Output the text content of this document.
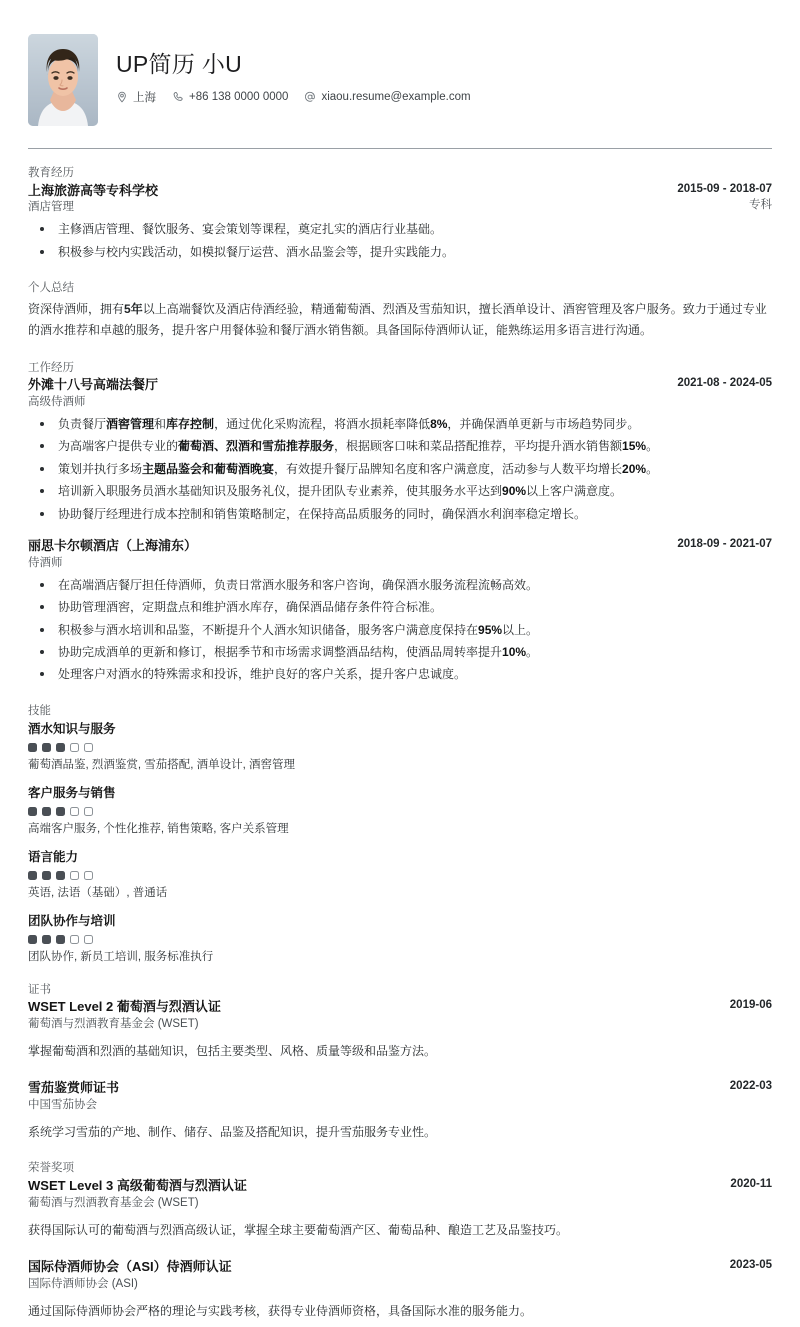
UP简历 小U
上海	+86 138 0000 0000	xiaou.resume@example.com
教育经历
上海旅游高等专科学校
酒店管理
2015-09 - 2018-07
专科
主修酒店管理、餐饮服务、宴会策划等课程，奠定扎实的酒店行业基础。
积极参与校内实践活动，如模拟餐厅运营、酒水品鉴会等，提升实践能力。
个人总结
资深侍酒师，拥有5年以上高端餐饮及酒店侍酒经验，精通葡萄酒、烈酒及雪茄知识，擅长酒单设计、酒窖管理及客户服务。致力于通过专业的酒水推荐和卓越的服务，提升客户用餐体验和餐厅酒水销售额。具备国际侍酒师认证，能熟练运用多语言进行沟通。
工作经历
外滩十八号高端法餐厅
高级侍酒师
2021-08 - 2024-05
负责餐厅酒窖管理和库存控制，通过优化采购流程，将酒水损耗率降低8%，并确保酒单更新与市场趋势同步。
为高端客户提供专业的葡萄酒、烈酒和雪茄推荐服务，根据顾客口味和菜品搭配推荐，平均提升酒水销售额15%。
策划并执行多场主题品鉴会和葡萄酒晚宴，有效提升餐厅品牌知名度和客户满意度，活动参与人数平均增长20%。
培训新入职服务员酒水基础知识及服务礼仪，提升团队专业素养，使其服务水平达到90%以上客户满意度。
协助餐厅经理进行成本控制和销售策略制定，在保持高品质服务的同时，确保酒水利润率稳定增长。
丽思卡尔顿酒店（上海浦东）
侍酒师
2018-09 - 2021-07
在高端酒店餐厅担任侍酒师，负责日常酒水服务和客户咨询，确保酒水服务流程流畅高效。
协助管理酒窖，定期盘点和维护酒水库存，确保酒品储存条件符合标准。
积极参与酒水培训和品鉴，不断提升个人酒水知识储备，服务客户满意度保持在95%以上。
协助完成酒单的更新和修订，根据季节和市场需求调整酒品结构，使酒品周转率提升10%。
处理客户对酒水的特殊需求和投诉，维护良好的客户关系，提升客户忠诚度。
技能
酒水知识与服务
葡萄酒品鉴, 烈酒鉴赏, 雪茄搭配, 酒单设计, 酒窖管理
客户服务与销售
高端客户服务, 个性化推荐, 销售策略, 客户关系管理
语言能力
英语, 法语（基础）, 普通话
团队协作与培训
团队协作, 新员工培训, 服务标准执行
证书
WSET Level 2 葡萄酒与烈酒认证
葡萄酒与烈酒教育基金会 (WSET)
2019-06
掌握葡萄酒和烈酒的基础知识，包括主要类型、风格、质量等级和品鉴方法。
雪茄鉴赏师证书
中国雪茄协会
2022-03
系统学习雪茄的产地、制作、储存、品鉴及搭配知识，提升雪茄服务专业性。
荣誉奖项
WSET Level 3 高级葡萄酒与烈酒认证
葡萄酒与烈酒教育基金会 (WSET)
2020-11
获得国际认可的葡萄酒与烈酒高级认证，掌握全球主要葡萄酒产区、葡萄品种、酿造工艺及品鉴技巧。
国际侍酒师协会（ASI）侍酒师认证
国际侍酒师协会 (ASI)
2023-05
通过国际侍酒师协会严格的理论与实践考核，获得专业侍酒师资格，具备国际水准的服务能力。
